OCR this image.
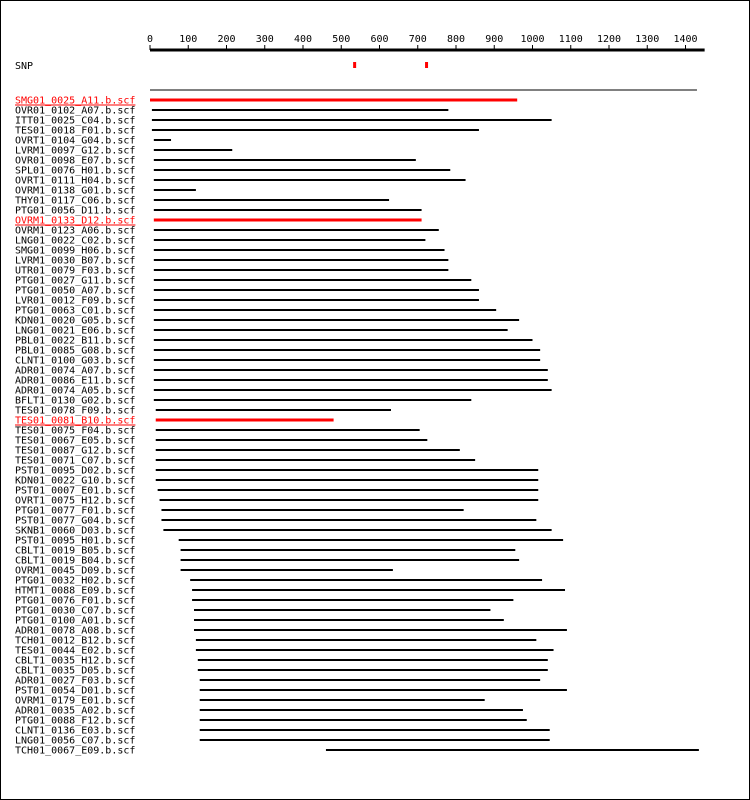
0	100 200 300 400 500 600 700 800 900 1000 1100 1200 1300 1400
SNP
SMG01_0025_A11.b.scf
OVR01_0102_A07.b.scf
ITT01_0025_C04.b.scf
TES01_0018_F01.b.scf
OVRT1_0104_G04.b.scf
LVRM1_0097_G12.b.scf
OVR01_0098_E07.b.scf
SPL01_0076_H01.b.scf
OVRT1_0111_H04.b.scf
OVRM1_0138_G01.b.scf
THY01_0117_C06.b.scf
PTG01_0056_D11.b.scf
OVRM1_0133_D12.b.scf
OVRM1_0123_A06.b.scf
LNG01_0022_C02.b.scf
SMG01_0099_H06.b.scf
LVRM1_0030_B07.b.scf
UTR01_0079_F03.b.scf
PTG01_0027_G11.b.scf
PTG01_0050_A07.b.scf
LVR01_0012_F09.b.scf
PTG01_0063_C01.b.scf
KDN01_0020_G05.b.scf
LNG01_0021_E06.b.scf
PBL01_0022_B11.b.scf
PBL01_0085_G08.b.scf
CLNT1_0100_G03.b.scf
ADR01_0074_A07.b.scf
ADR01_0086_E11.b.scf
ADR01_0074_A05.b.scf
BFLT1_0130_G02.b.scf
TES01_0078_F09.b.scf
TES01_0081_B10.b.scf
TES01_0075_F04.b.scf
TES01_0067_E05.b.scf
TES01_0087_G12.b.scf
TES01_0071_C07.b.scf
PST01_0095_D02.b.scf
KDN01_0022_G10.b.scf
PST01_0007_E01.b.scf
OVRT1_0075_H12.b.scf
PTG01_0077_F01.b.scf
PST01_0077_G04.b.scf
SKNB1_0060_D03.b.scf
PST01_0095_H01.b.scf
CBLT1_0019_B05.b.scf
CBLT1_0019_B04.b.scf
OVRM1_0045_D09.b.scf
PTG01_0032_H02.b.scf
HTMT1_0088_E09.b.scf
PTG01_0076_F01.b.scf
PTG01_0030_C07.b.scf
PTG01_0100_A01.b.scf
ADR01_0078_A08.b.scf
TCH01_0012_B12.b.scf
TES01_0044_E02.b.scf
CBLT1_0035_H12.b.scf
CBLT1_0035_D05.b.scf
ADR01_0027_F03.b.scf
PST01_0054_D01.b.scf
OVRM1_0179_E01.b.scf
ADR01_0035_A02.b.scf
PTG01_0088_F12.b.scf
CLNT1_0136_E03.b.scf
LNG01_0056_C07.b.scf
TCH01_0067_E09.b.scf
